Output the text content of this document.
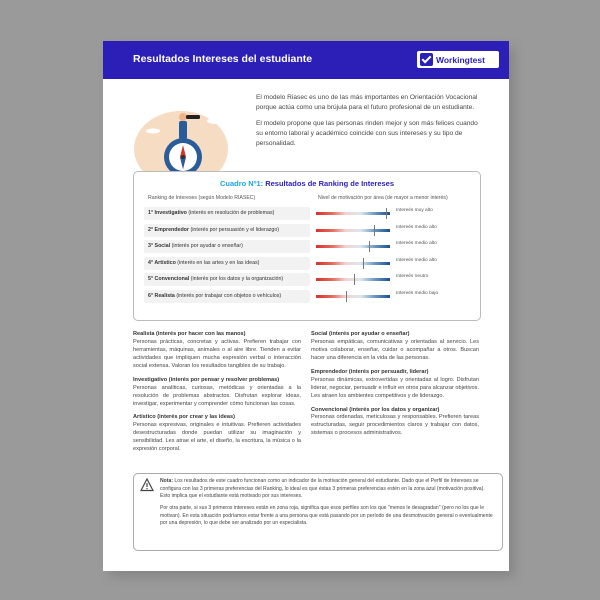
Resultados Intereses del estudiante	Workingtest

El modelo Riasec es uno de las más importantes en Orientación Vocacional porque actúa como una brújula para el futuro profesional de un estudiante.

El modelo propone que las personas rinden mejor y son más felices cuando su entorno laboral y académico coincide con sus intereses y su tipo de personalidad.

Cuadro Nº1: Resultados de Ranking de Intereses
Ranking de Intereses (según Modelo RIASEC)	Nivel de motivación por área (de mayor a menor interés)
1° Investigativo (interés en resolución de problemas)	Intereés muy alto
2° Emprendedor (interés por persuasión y el liderazgo)	Intereés medio alto
3° Social (interés por ayudar o enseñar)	Intereés medio alto
4° Artístico (interés en las artes y en las ideas)	Intereés medio alto
5° Convencional (interés por los datos y la organización)	Intereés neutro
6° Realista (interés por trabajar con objetos o vehículos)	Intereés medio bajo
Realista (interés por hacer con las manos)

Personas prácticas, concretas y activas. Prefieren trabajar con herramientas, máquinas, animales o al aire libre. Tienden a evitar actividades que impliquen mucha expresión verbal o interacción social extensa. Valoran los resultados tangibles de su trabajo.

Investigativo (interés por pensar y resolver problemas)

Personas analíticas, curiosas, metódicas y orientadas a la resolución de problemas abstractos. Disfrutan explorar ideas, investigar, experimentar y comprender cómo funcionan las cosas.

Artístico (interés por crear y las ideas)

Personas expresivas, originales e intuitivas. Prefieren actividades desestructuradas donde puedan utilizar su imaginación y sensibilidad. Les atrae el arte, el diseño, la escritura, la música o la expresión corporal.

Social (interés por ayudar o enseñar)

Personas empáticas, comunicativas y orientadas al servicio. Les motiva colaborar, enseñar, cuidar o acompañar a otros. Buscan hacer una diferencia en la vida de las personas.

Emprendedor (interés por persuadir, liderar)

Personas dinámicas, extrovertidas y orientadas al logro. Disfrutan liderar, negociar, persuadir e influir en otros para alcanzar objetivos. Les atraen los ambientes competitivos y de liderazgo.

Convencional (interés por los datos y organizar)

Personas ordenadas, meticulosas y responsables. Prefieren tareas estructuradas, seguir procedimientos claros y trabajar con datos, sistemas o procesos administrativos.

Nota: Los resultados de este cuadro funcionan como un indicador de la motivación general del estudiante. Dado que el Perfil de Intereses se configura con las 3 primeras preferencias del Ranking, lo ideal es que éstas 3 primeras preferencias estén en la zona azul (motivación positiva). Esto implica que el estudiante está motivado por sus intereses.

Por otra parte, si sus 3 primeros intereses están en zona roja, significa que esos perfiles son los que "menos le desagradan" (pero no los que le motivan). En esta situación podríamos estar frente a una persona que está pasando por un período de una desmotivación general o eventualmente por una depresión, lo que debe ser analizado por un especialista.
